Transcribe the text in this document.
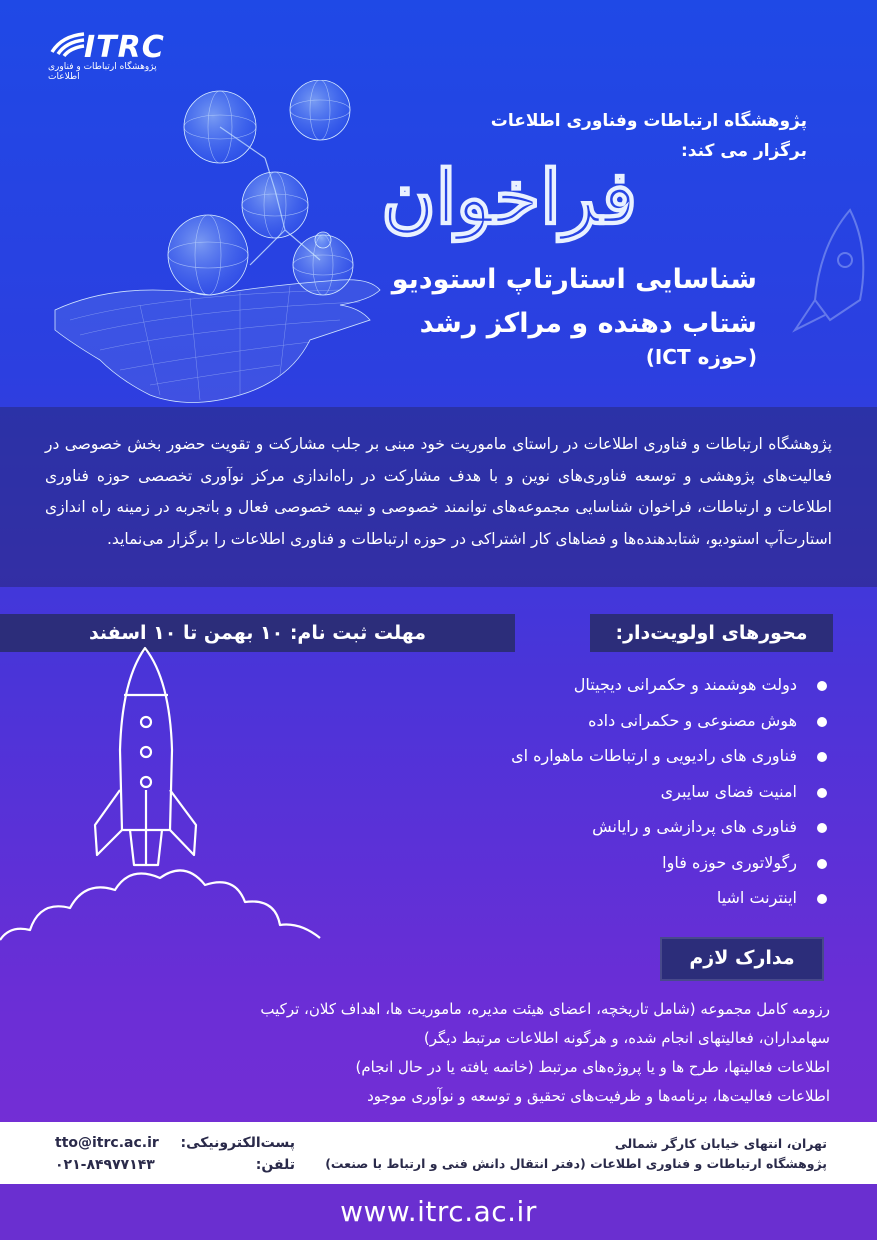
ITRC
پژوهشگاه ارتباطات و فناوری اطلاعات
پژوهشگاه ارتباطات وفناوری اطلاعات
برگزار می کند:
فراخوان
شناسایی استارتاپ استودیو
شتاب دهنده و مراکز رشد
(حوزه ICT)

پژوهشگاه ارتباطات و فناوری اطلاعات در راستای ماموریت خود مبنی بر جلب مشارکت و تقویت حضور بخش خصوصی در فعالیت‌های پژوهشی و توسعه فناوری‌های نوین و با هدف مشارکت در راه‌اندازی مرکز نوآوری تخصصی حوزه فناوری اطلاعات و ارتباطات، فراخوان شناسایی مجموعه‌های توانمند خصوصی و نیمه خصوصی فعال و باتجربه در زمینه راه اندازی استارت‌آپ استودیو، شتابدهنده‌ها و فضاهای کار اشتراکی در حوزه ارتباطات و فناوری اطلاعات را برگزار می‌نماید.

محورهای اولویت‌دار:
مهلت ثبت نام: ۱۰ بهمن تا ۱۰ اسفند
دولت هوشمند و حکمرانی دیجیتال
هوش مصنوعی و حکمرانی داده
فناوری های رادیویی و ارتباطات ماهواره ای
امنیت فضای سایبری
فناوری های پردازشی و رایانش
رگولاتوری حوزه فاوا
اینترنت اشیا
مدارک لازم
رزومه کامل مجموعه (شامل تاریخچه، اعضای هیئت مدیره، ماموریت ها، اهداف کلان، ترکیب
سهامداران، فعالیتهای انجام شده، و هرگونه اطلاعات مرتبط دیگر)
اطلاعات فعالیتها، طرح ها و یا پروژه‌های مرتبط (خاتمه یافته یا در حال انجام)
اطلاعات فعالیت‌ها، برنامه‌ها و ظرفیت‌های تحقیق و توسعه و نوآوری موجود
تهران، انتهای خیابان کارگر شمالی
پژوهشگاه ارتباطات و فناوری اطلاعات (دفتر انتقال دانش فنی و ارتباط با صنعت)
پست‌الکترونیکی:
tto@itrc.ac.ir
تلفن:
۰۲۱-۸۴۹۷۷۱۴۳
www.itrc.ac.ir
